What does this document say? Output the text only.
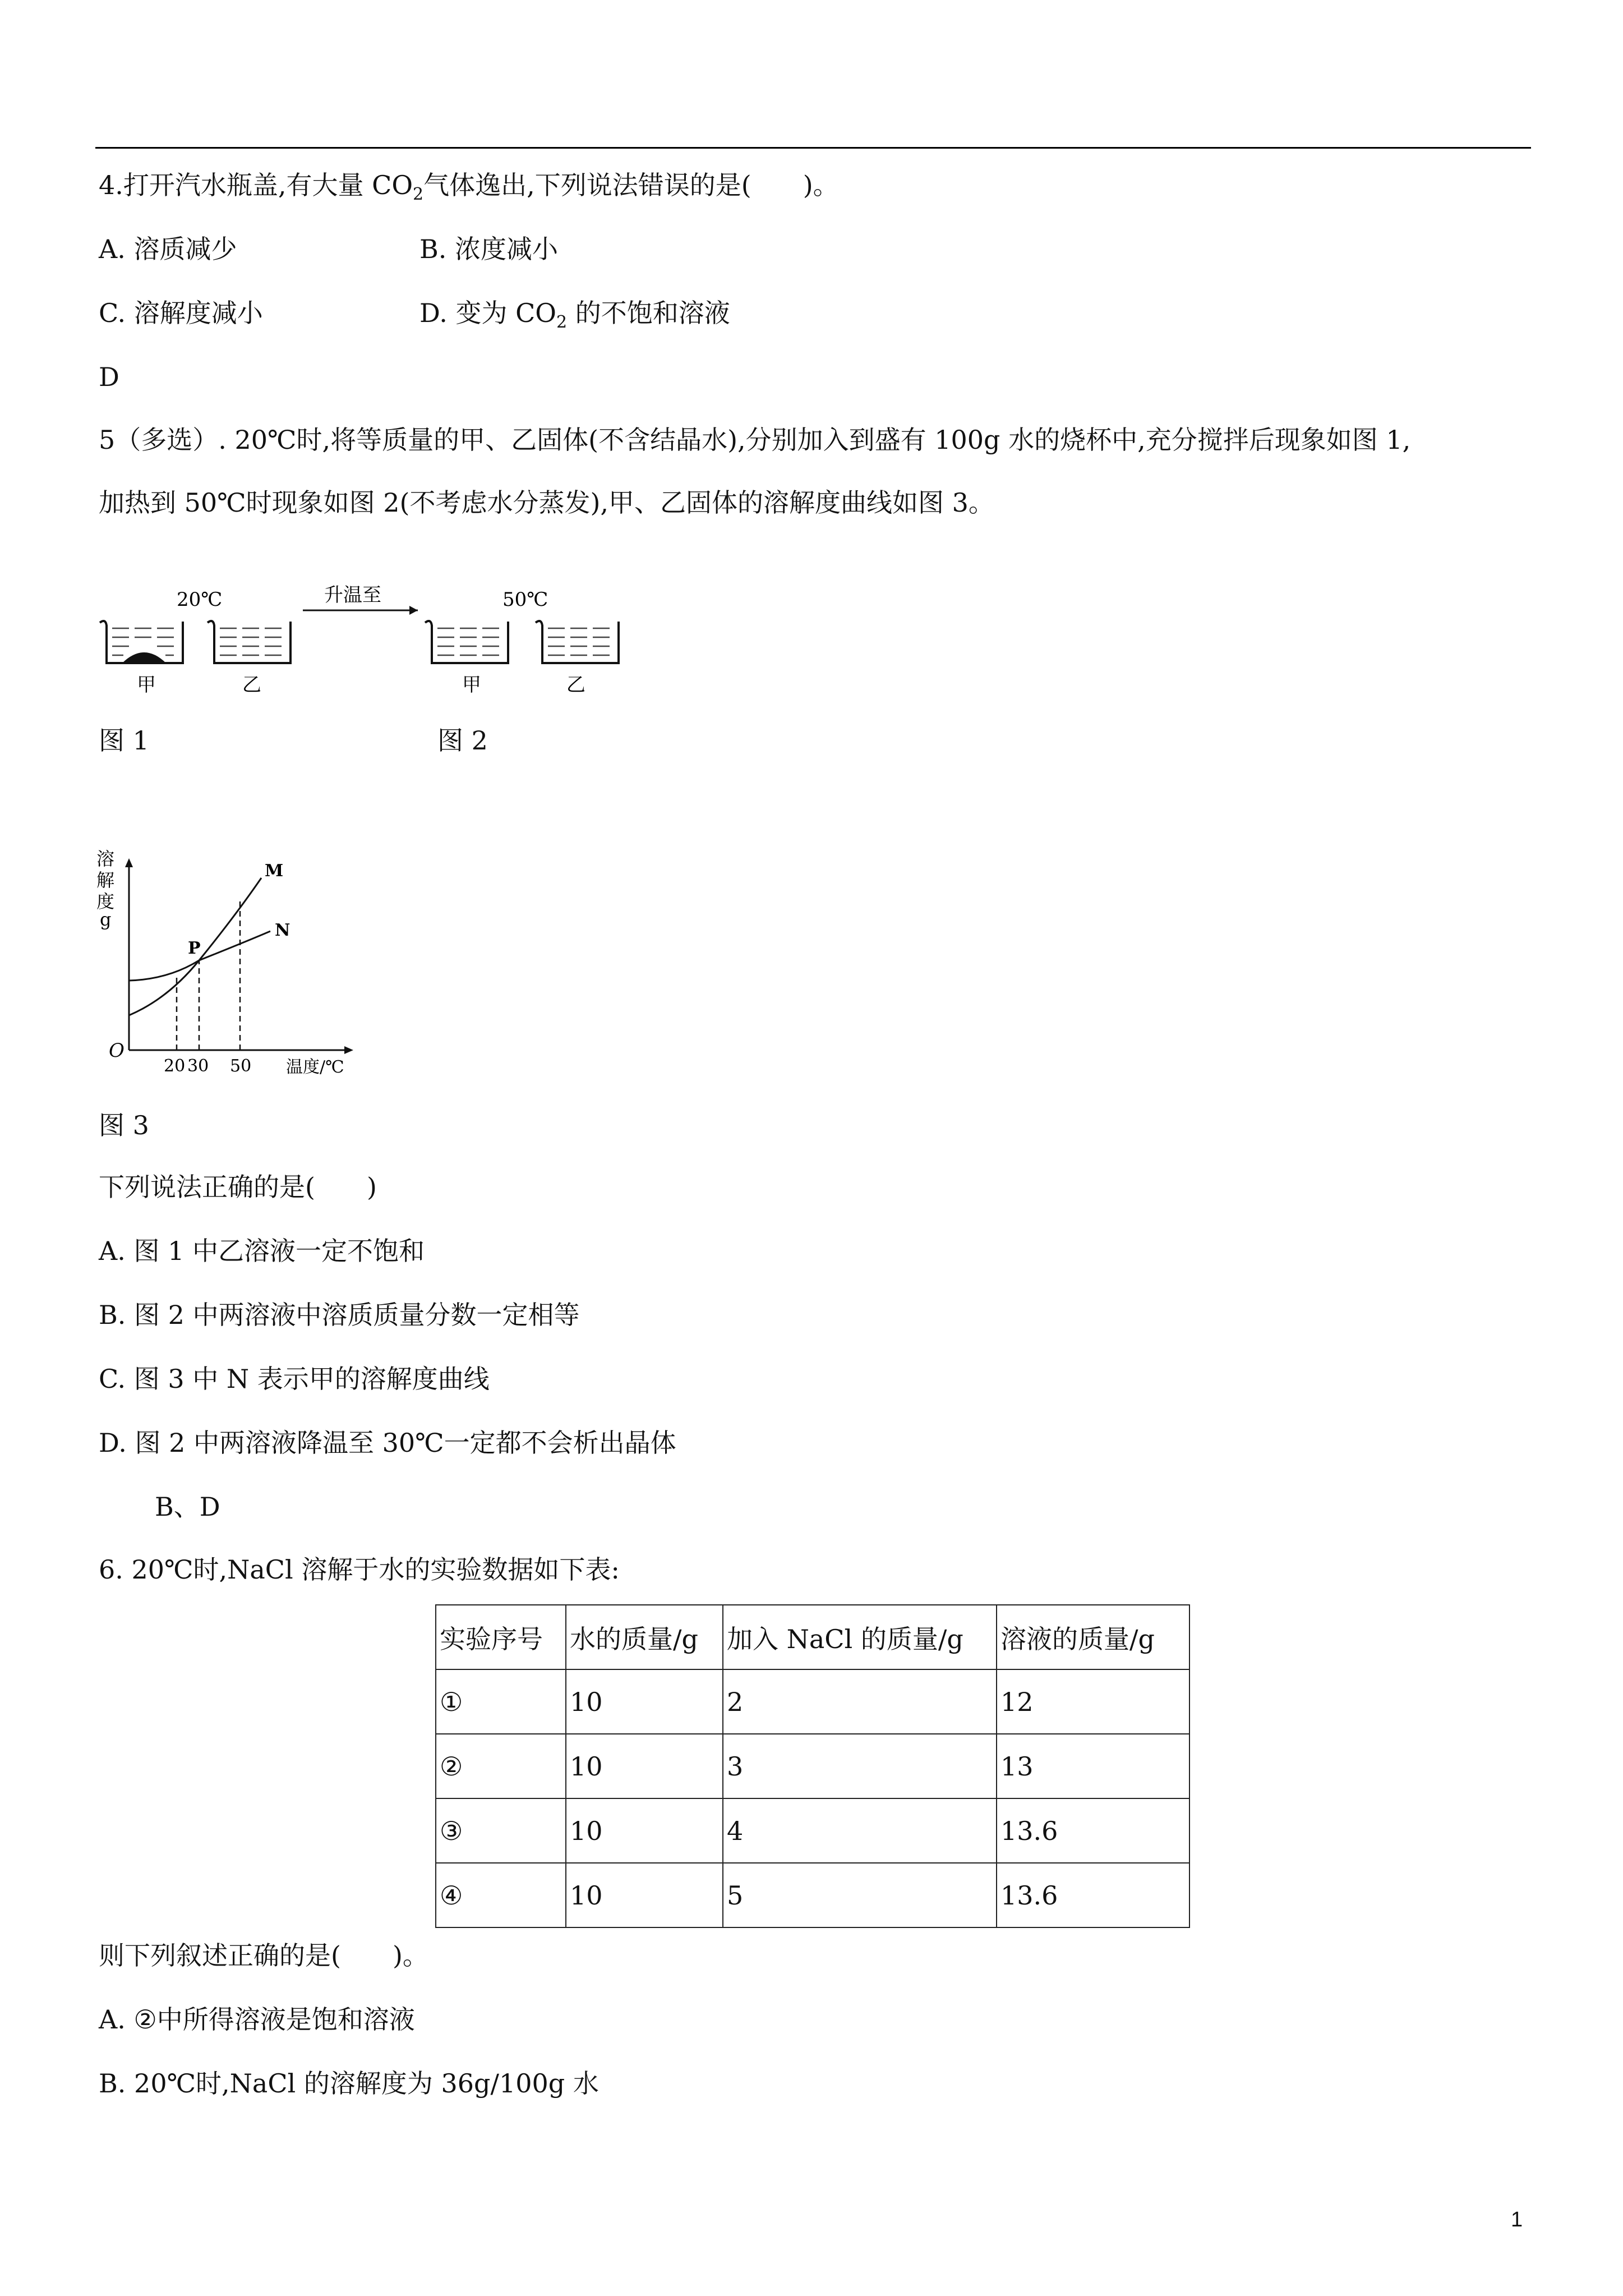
4.打开汽水瓶盖,有大量 $CO_2$气体逸出,下列说法错误的是(　　)。
A. 溶质减少	B. 浓度减小
C. 溶解度减小	D. 变为 $CO_2$ 的不饱和溶液
D
5（多选）. 20℃时,将等质量的甲、乙固体(不含结晶水),分别加入到盛有 100g 水的烧杯中,充分搅拌后现象如图 1,
加热到 50℃时现象如图 2(不考虑水分蒸发),甲、乙固体的溶解度曲线如图 3。
20℃
甲	乙
升温至	50℃
甲	乙
图 1	图 2
溶
解
度
g
O
M
N
P
20 30 50 温度/℃
图 3
下列说法正确的是(　　)
A. 图 1 中乙溶液一定不饱和
B. 图 2 中两溶液中溶质质量分数一定相等
C. 图 3 中 N 表示甲的溶解度曲线
D. 图 2 中两溶液降温至 30℃一定都不会析出晶体
B、D
6. 20℃时,NaCl 溶解于水的实验数据如下表:
实验序号	水的质量/g	加入 NaCl 的质量/g	溶液的质量/g
①	10	2	12
②	10	3	13
③	10	4	13.6
④	10	5	13.6
则下列叙述正确的是(　　)。
A. ②中所得溶液是饱和溶液
B. 20℃时,NaCl 的溶解度为 36g/100g 水
1
